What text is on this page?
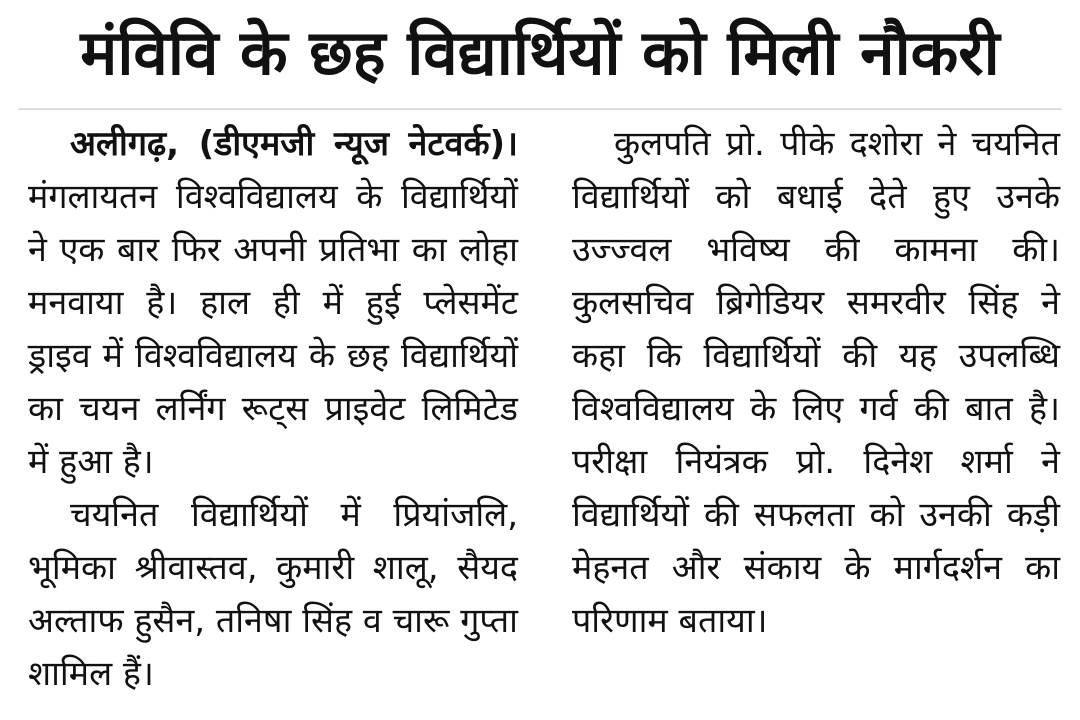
मंविवि के छह विद्यार्थियों को मिली नौकरी

अलीगढ़, (डीएमजी न्यूज नेटवर्क)। मंगलायतन विश्वविद्यालय के विद्यार्थियों ने एक बार फिर अपनी प्रतिभा का लोहा मनवाया है। हाल ही में हुई प्लेसमेंट ड्राइव में विश्वविद्यालय के छह विद्यार्थियों का चयन लर्निंग रूट्स प्राइवेट लिमिटेड में हुआ है।

चयनित विद्यार्थियों में प्रियांजलि, भूमिका श्रीवास्तव, कुमारी शालू, सैयद अल्ताफ हुसैन, तनिषा सिंह व चारू गुप्ता शामिल हैं।

कुलपति प्रो. पीके दशोरा ने चयनित विद्यार्थियों को बधाई देते हुए उनके उज्ज्वल भविष्य की कामना की। कुलसचिव ब्रिगेडियर समरवीर सिंह ने कहा कि विद्यार्थियों की यह उपलब्धि विश्वविद्यालय के लिए गर्व की बात है। परीक्षा नियंत्रक प्रो. दिनेश शर्मा ने विद्यार्थियों की सफलता को उनकी कड़ी मेहनत और संकाय के मार्गदर्शन का परिणाम बताया।
